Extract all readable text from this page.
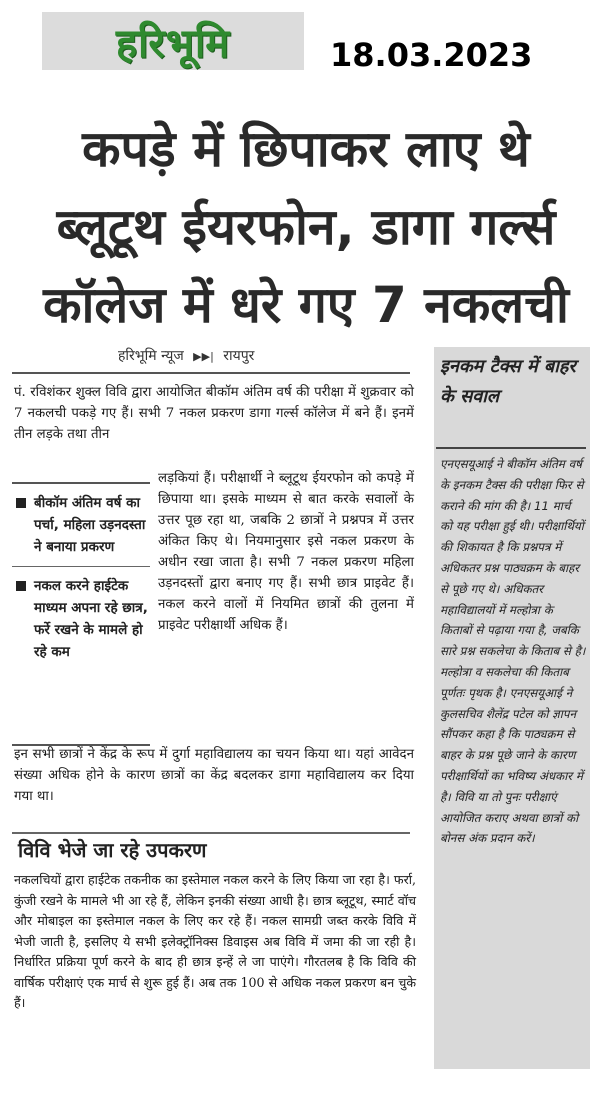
हरिभूमि	18.03.2023
कपड़े में छिपाकर लाए थे
ब्लूटूथ ईयरफोन, डागा गर्ल्स
कॉलेज में धरे गए 7 नकलची
हरिभूमि न्यूज ▶▶| रायपुर

पं. रविशंकर शुक्ल विवि द्वारा आयोजित बीकॉम अंतिम वर्ष की परीक्षा में शुक्रवार को 7 नकलची पकड़े गए हैं। सभी 7 नकल प्रकरण डागा गर्ल्स कॉलेज में बने हैं। इनमें तीन लड़के तथा तीन

बीकॉम अंतिम वर्ष का पर्चा, महिला उड़नदस्ता ने बनाया प्रकरण
नकल करने हाईटेक माध्यम अपना रहे छात्र, फर्रे रखने के मामले हो रहे कम

लड़कियां हैं। परीक्षार्थी ने ब्लूटूथ ईयरफोन को कपड़े में छिपाया था। इसके माध्यम से बात करके सवालों के उत्तर पूछ रहा था, जबकि 2 छात्रों ने प्रश्नपत्र में उत्तर अंकित किए थे। नियमानुसार इसे नकल प्रकरण के अधीन रखा जाता है। सभी 7 नकल प्रकरण महिला उड़नदस्तों द्वारा बनाए गए हैं। सभी छात्र प्राइवेट हैं। नकल करने वालों में नियमित छात्रों की तुलना में प्राइवेट परीक्षार्थी अधिक हैं।

इन सभी छात्रों ने केंद्र के रूप में दुर्गा महाविद्यालय का चयन किया था। यहां आवेदन संख्या अधिक होने के कारण छात्रों का केंद्र बदलकर डागा महाविद्यालय कर दिया गया था।

विवि भेजे जा रहे उपकरण

नकलचियों द्वारा हाईटेक तकनीक का इस्तेमाल नकल करने के लिए किया जा रहा है। फर्रा, कुंजी रखने के मामले भी आ रहे हैं, लेकिन इनकी संख्या आधी है। छात्र ब्लूटूथ, स्मार्ट वॉच और मोबाइल का इस्तेमाल नकल के लिए कर रहे हैं। नकल सामग्री जब्त करके विवि में भेजी जाती है, इसलिए ये सभी इलेक्ट्रॉनिक्स डिवाइस अब विवि में जमा की जा रही है। निर्धारित प्रक्रिया पूर्ण करने के बाद ही छात्र इन्हें ले जा पाएंगे। गौरतलब है कि विवि की वार्षिक परीक्षाएं एक मार्च से शुरू हुई हैं। अब तक 100 से अधिक नकल प्रकरण बन चुके हैं।

इनकम टैक्स में बाहर के सवाल
एनएसयूआई ने बीकॉम अंतिम वर्ष के इनकम टैक्स की परीक्षा फिर से कराने की मांग की है। 11 मार्च को यह परीक्षा हुई थी। परीक्षार्थियों की शिकायत है कि प्रश्नपत्र में अधिकतर प्रश्न पाठ्यक्रम के बाहर से पूछे गए थे। अधिकतर महाविद्यालयों में मल्होत्रा के किताबों से पढ़ाया गया है, जबकि सारे प्रश्न सकलेचा के किताब से है। मल्होत्रा व सकलेचा की किताब पूर्णतः पृथक है। एनएसयूआई ने कुलसचिव शैलेंद्र पटेल को ज्ञापन सौंपकर कहा है कि पाठ्यक्रम से बाहर के प्रश्न पूछे जाने के कारण परीक्षार्थियों का भविष्य अंधकार में है। विवि या तो पुनः परीक्षाएं आयोजित कराए अथवा छात्रों को बोनस अंक प्रदान करें।
